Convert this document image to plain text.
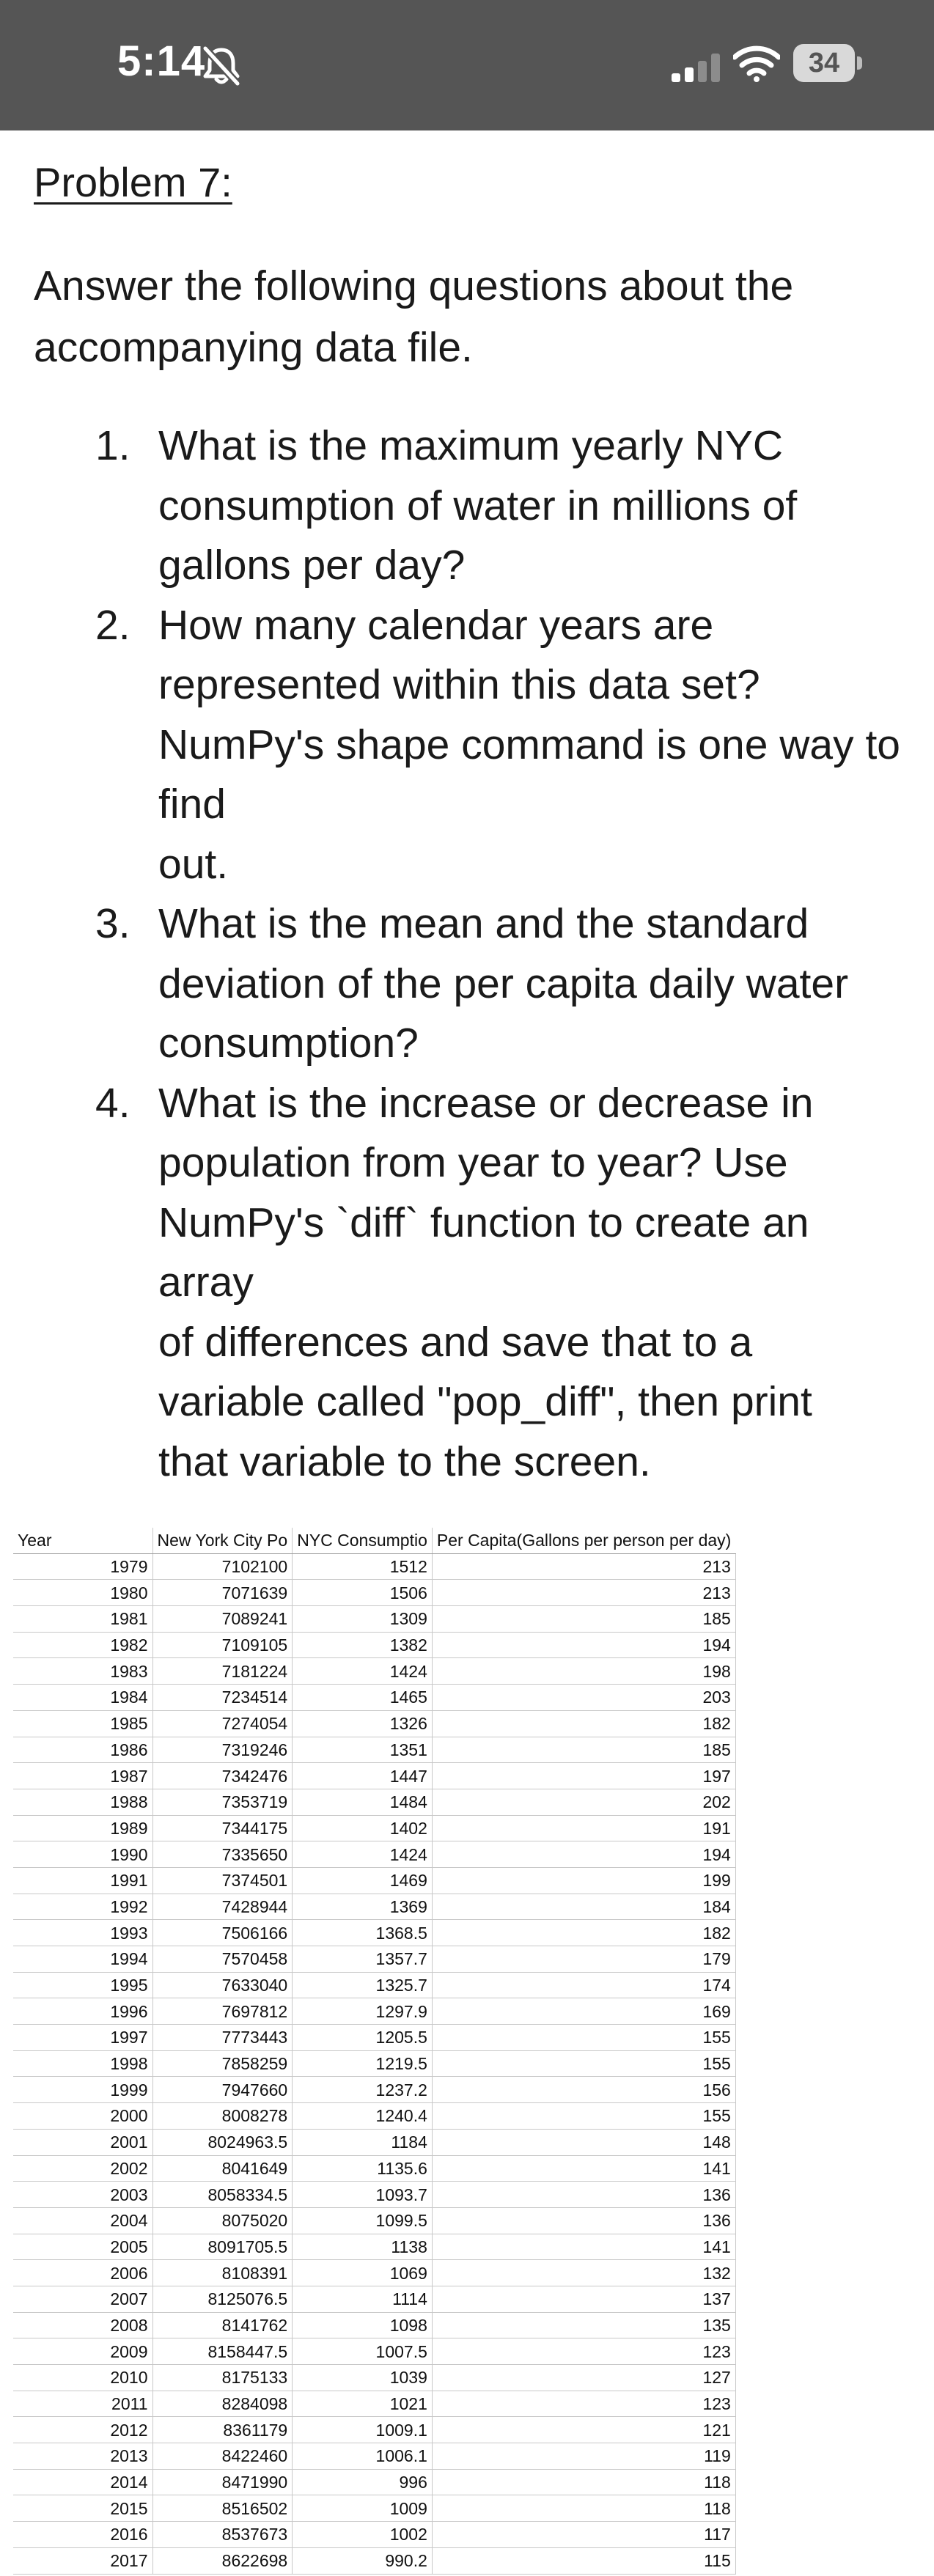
5:14	34
Problem 7:
Answer the following questions about the
accompanying data file.
1. What is the maximum yearly NYC
consumption of water in millions of
gallons per day?
2. How many calendar years are
represented within this data set?
NumPy's shape command is one way to
find
out.
3. What is the mean and the standard
deviation of the per capita daily water
consumption?
4. What is the increase or decrease in
population from year to year? Use
NumPy's `diff` function to create an
array
of differences and save that to a
variable called "pop_diff", then print
that variable to the screen.
Year	New York City Po	NYC Consumptio	Per Capita(Gallons per person per day)
1979	7102100	1512	213
1980	7071639	1506	213
1981	7089241	1309	185
1982	7109105	1382	194
1983	7181224	1424	198
1984	7234514	1465	203
1985	7274054	1326	182
1986	7319246	1351	185
1987	7342476	1447	197
1988	7353719	1484	202
1989	7344175	1402	191
1990	7335650	1424	194
1991	7374501	1469	199
1992	7428944	1369	184
1993	7506166	1368.5	182
1994	7570458	1357.7	179
1995	7633040	1325.7	174
1996	7697812	1297.9	169
1997	7773443	1205.5	155
1998	7858259	1219.5	155
1999	7947660	1237.2	156
2000	8008278	1240.4	155
2001	8024963.5	1184	148
2002	8041649	1135.6	141
2003	8058334.5	1093.7	136
2004	8075020	1099.5	136
2005	8091705.5	1138	141
2006	8108391	1069	132
2007	8125076.5	1114	137
2008	8141762	1098	135
2009	8158447.5	1007.5	123
2010	8175133	1039	127
2011	8284098	1021	123
2012	8361179	1009.1	121
2013	8422460	1006.1	119
2014	8471990	996	118
2015	8516502	1009	118
2016	8537673	1002	117
2017	8622698	990.2	115
